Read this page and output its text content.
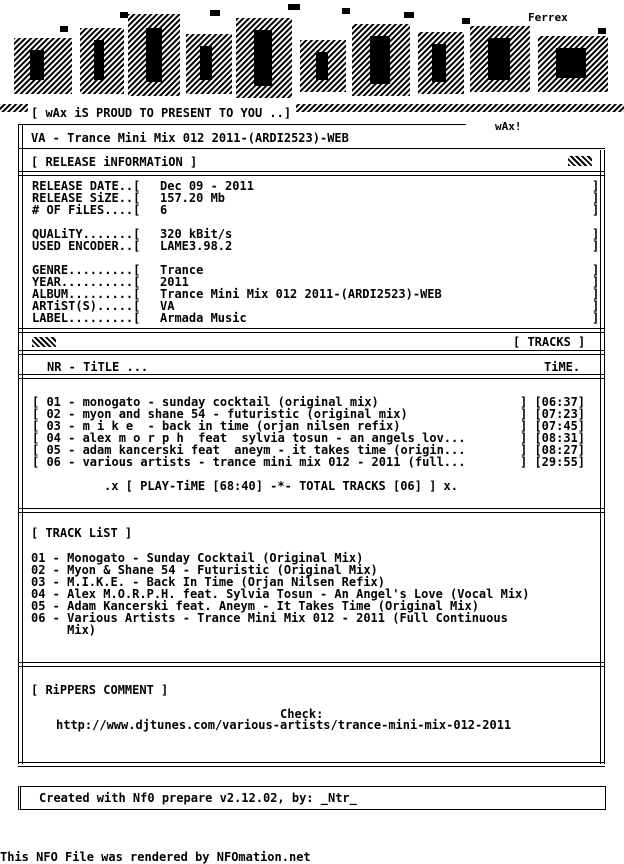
Ferrex
[ wAx iS PROUD TO PRESENT TO YOU ..]
wAx!
VA - Trance Mini Mix 012 2011-(ARDI2523)-WEB
[ RELEASE iNFORMATiON ]
RELEASE DATE..[ Dec 09 - 2011	]
RELEASE SiZE..[ 157.20 Mb	]
# OF FiLES....[ 6	]
QUALiTY.......[ 320 kBit/s	]
USED ENCODER..[ LAME3.98.2	]
GENRE.........[ Trance	]
YEAR..........[ 2011	]
ALBUM.........[ Trance Mini Mix 012 2011-(ARDI2523)-WEB	]
ARTiST(S).....[ VA	]
LABEL.........[ Armada Music	]
[ TRACKS ]
NR - TiTLE ...	TiME.
[ 01 - monogato - sunday cocktail (original mix)	] [06:37]
[ 02 - myon and shane 54 - futuristic (original mix)	] [07:23]
[ 03 - m i k e  - back in time (orjan nilsen refix)	] [07:45]
[ 04 - alex m o r p h  feat  sylvia tosun - an angels lov...	] [08:31]
[ 05 - adam kancerski feat  aneym - it takes time (origin...	] [08:27]
[ 06 - various artists - trance mini mix 012 - 2011 (full...	] [29:55]
.x [ PLAY-TiME [68:40] -*- TOTAL TRACKS [06] ] x.
[ TRACK LiST ]
01 - Monogato - Sunday Cocktail (Original Mix)
02 - Myon & Shane 54 - Futuristic (Original Mix)
03 - M.I.K.E. - Back In Time (Orjan Nilsen Refix)
04 - Alex M.O.R.P.H. feat. Sylvia Tosun - An Angel's Love (Vocal Mix)
05 - Adam Kancerski feat. Aneym - It Takes Time (Original Mix)
06 - Various Artists - Trance Mini Mix 012 - 2011 (Full Continuous
Mix)
[ RiPPERS COMMENT ]
Check:
http://www.djtunes.com/various-artists/trance-mini-mix-012-2011
Created with Nf0 prepare v2.12.02, by: _Ntr_
This NFO File was rendered by NFOmation.net
